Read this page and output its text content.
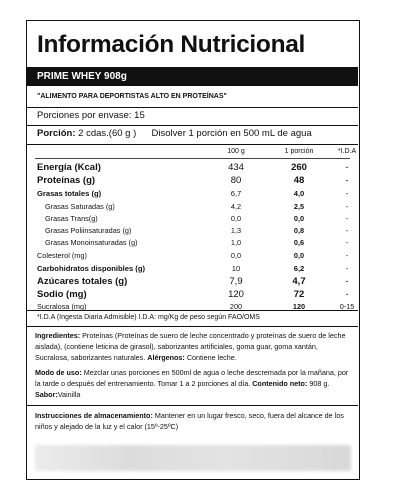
Información Nutricional
PRIME WHEY 908g
"ALIMENTO PARA DEPORTISTAS ALTO EN PROTEÍNAS"
Porciones por envase: 15
Porción: 2 cdas.(60 g ) Disolver 1 porción en 500 mL de agua
100 g	1 porción	*I.D.A
Energía (Kcal)	434	260	-
Proteínas (g)	80	48	-
Grasas totales (g)	6,7	4,0	-
Grasas Saturadas (g)	4,2	2,5	-
Grasas Trans(g)	0,0	0,0	-
Grasas Poliinsaturadas (g)	1,3	0,8	-
Grasas Monoinsaturadas (g)	1,0	0,6	-
Colesterol (mg)	0,0	0,0	-
Carbohidratos disponibles (g)	10	6,2	-
Azúcares totales (g)	7,9	4,7	-
Sodio (mg)	120	72	-
Sucralosa (mg)	200	120	0-15
*I.D.A (Ingesta Diaria Admisible) I.D.A: mg/Kg de peso según FAO/OMS
Ingredientes: Proteínas (Proteínas de suero de leche concentrado y proteínas de suero de leche aislada), (contiene leticina de girasol), saborizantes artificiales, goma guar, goma xantán, Sucralosa, saborizantes naturales. Alérgenos: Contiene leche.
Modo de uso: Mezclar unas porciones en 500ml de agua o leche descremada por la mañana, por la tarde o después del entrenamiento. Tomar 1 a 2 porciones al día. Contenido neto: 908 g. Sabor:Vainilla
Instrucciones de almacenamiento: Mantener en un lugar fresco, seco, fuera del alcance de los niños y alejado de la luz y el calor (15º-25ºC)
